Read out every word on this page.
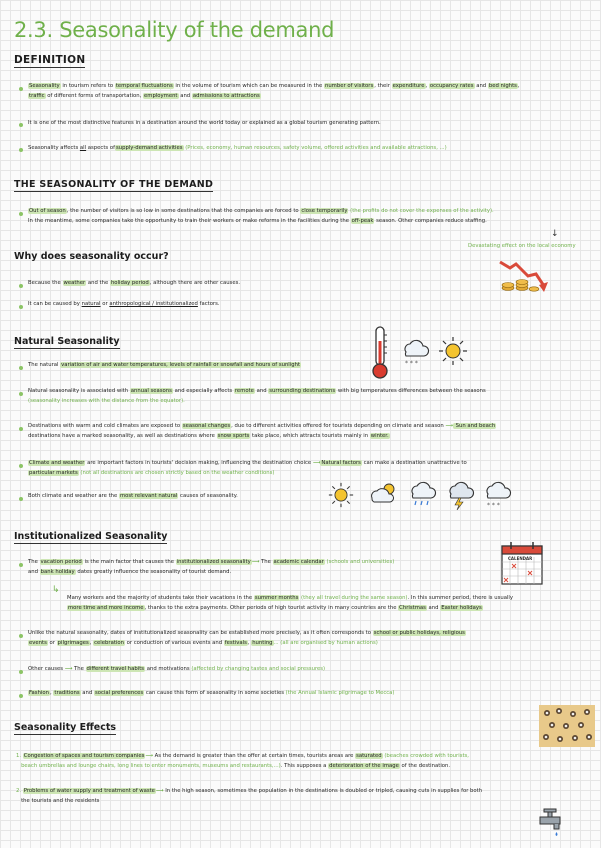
2.3. Seasonality of the demand
DEFINITION
Seasonality in tourism refers to temporal fluctuations in the volume of tourism which can be measured in the number of visitors, their expenditure, occupancy rates and bed nights,
traffic of different forms of transportation, employment and admissions to attractions
It is one of the most distinctive features in a destination around the world today or explained as a global tourism generating pattern.
Seasonality affects all aspects ofsupply-demand activities (Prices, economy, human resources, safety volume, offered activities and available attractions, ...)
THE SEASONALITY OF THE DEMAND
Out of season, the number of visitors is so low in some destinations that the companies are forced to close temporarily (the profits do not cover the expenses of the activity).
In the meantime, some companies take the opportunity to train their workers or make reforms in the facilities during the off-peak season. Other companies reduce staffing.
↓
Devastating effect on the local economy
Why does seasonality occur?
Because the weather and the holiday period, although there are other causes.
It can be caused by natural or anthropological / institutionalized factors.
Natural Seasonality
* * *
The natural variation of air and water temperatures, levels of rainfall or snowfall and hours of sunlight
Natural seasonality is associated with annual seasons and especially affects remote and surrounding destinations with big temperatures differences between the seasons
(seasonality increases with the distance from the equator).
Destinations with warm and cold climates are exposed to seasonal changes, due to different activities offered for tourists depending on climate and season ⟶ Sun and beach
destinations have a marked seasonality, as well as destinations where snow sports take place, which attracts tourists mainly in winter.
Climate and weather are important factors in tourists' decision making, influencing the destination choice ⟶Natural factors can make a destination unattractive to
particular markets (not all destinations are chosen strictly based on the weather conditions)
Both climate and weather are the most relevant natural causes of seasonality.
* * *
Institutionalized Seasonality
CALENDAR
The vacation period is the main factor that causes the institutionalized seasonality⟶ The academic calendar (schools and universities)
and bank holiday dates greatly influence the seasonality of tourist demand.
↳
Many workers and the majority of students take their vacations in the summer months (they all travel during the same season). In this summer period, there is usually
more time and more income, thanks to the extra payments. Other periods of high tourist activity in many countries are the Christmas and Easter holidays
Unlike the natural seasonality, dates of institutionalized seasonality can be established more precisely, as it often corresponds to school or public holidays, religious
events or pilgrimages, celebration or conduction of various events and festivals, hunting... (all are organised by human actions)
Other causes ⟶ The different travel habits and motivations (affected by changing tastes and social pressures)
Fashion, traditions and social preferences can cause this form of seasonality in some societies (the Annual Islamic pilgrimage to Mecca)
Seasonality Effects
1. Congestion of spaces and tourism companies⟶ As the demand is greater than the offer at certain times, tourists areas are saturated (beaches crowded with tourists,
beach umbrellas and lounge chairs, long lines to enter monuments, museums and restaurants,...). This supposes a deterioration of the image of the destination.
2. Problems of water supply and treatment of waste⟶ In the high season, sometimes the population in the destinations is doubled or tripled, causing cuts in supplies for both
the tourists and the residents
